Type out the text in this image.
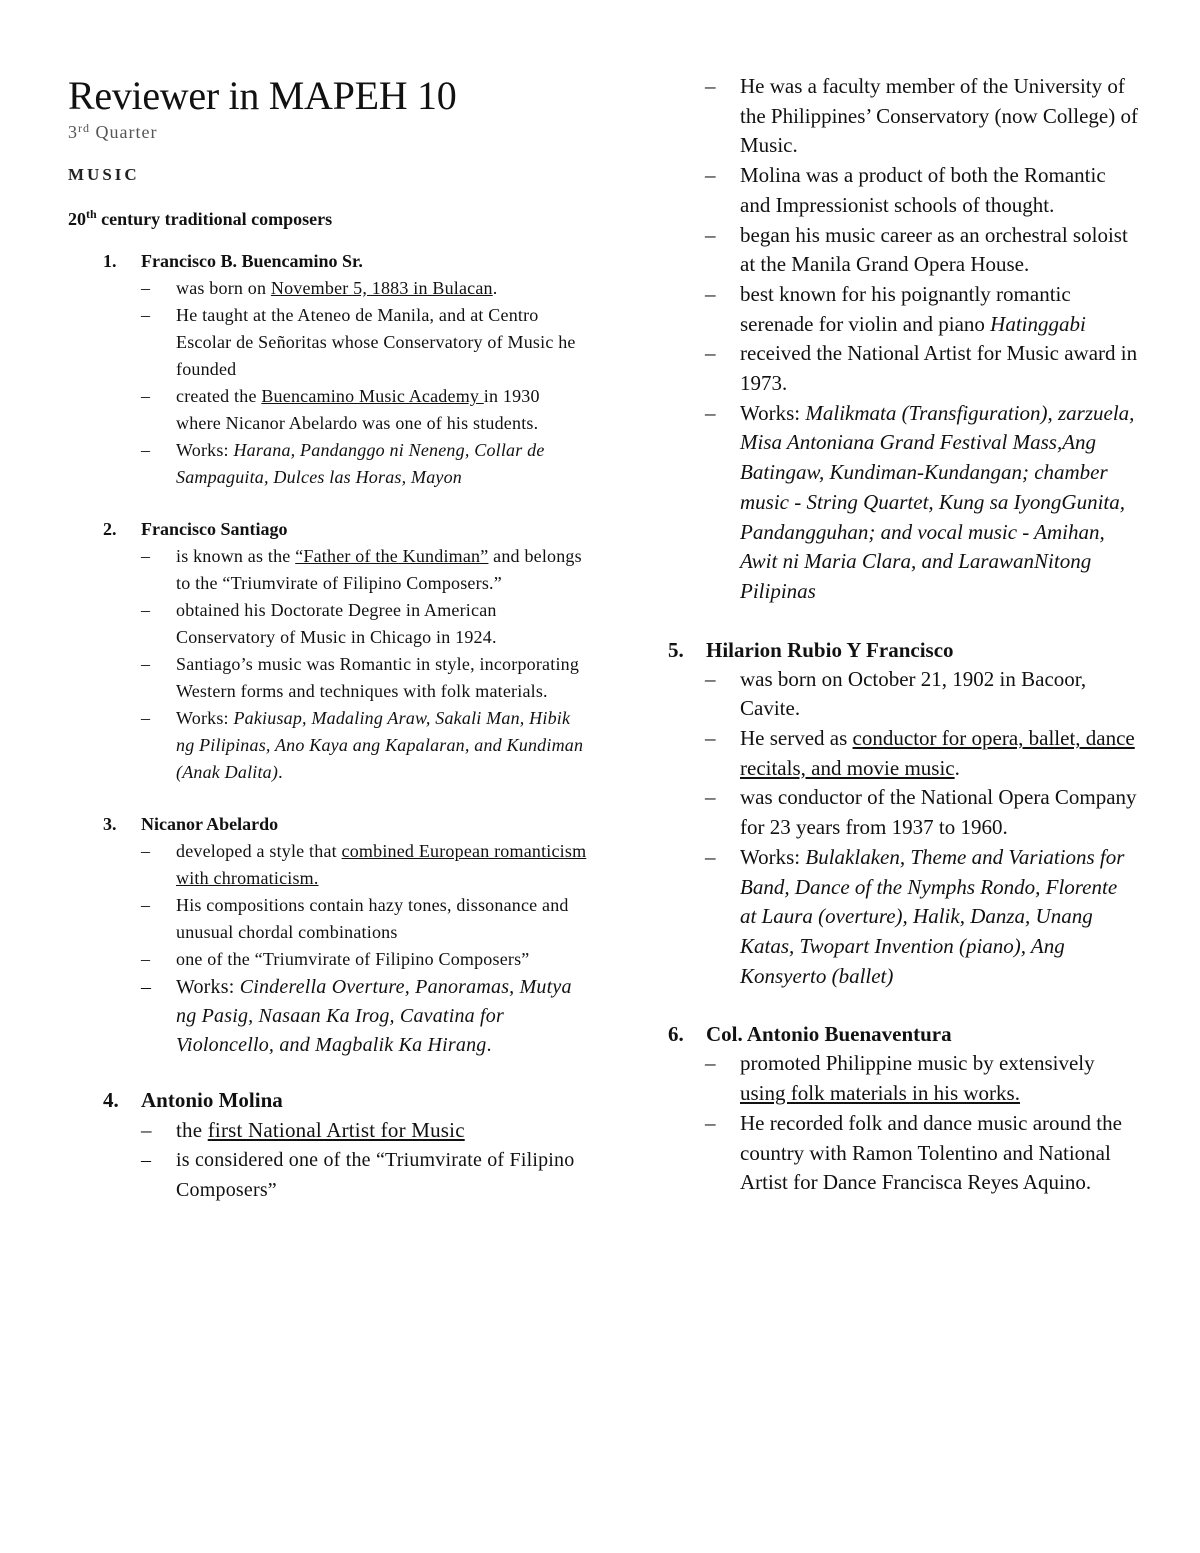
Reviewer in MAPEH 10
3rd Quarter
MUSIC
20th century traditional composers
1.	Francisco B. Buencamino Sr.
–	was born on November 5, 1883 in Bulacan.
–	He taught at the Ateneo de Manila, and at Centro Escolar de Señoritas whose Conservatory of Music he founded
–	created the Buencamino Music Academy in 1930 where Nicanor Abelardo was one of his students.
–	Works: Harana, Pandanggo ni Neneng, Collar de Sampaguita, Dulces las Horas, Mayon
2.	Francisco Santiago
–	is known as the “Father of the Kundiman” and belongs to the “Triumvirate of Filipino Composers.”
–	obtained his Doctorate Degree in American Conservatory of Music in Chicago in 1924.
–	Santiago’s music was Romantic in style, incorporating Western forms and techniques with folk materials.
–	Works: Pakiusap, Madaling Araw, Sakali Man, Hibik ng Pilipinas, Ano Kaya ang Kapalaran, and Kundiman (Anak Dalita).
3.	Nicanor Abelardo
–	developed a style that combined European romanticism with chromaticism.
–	His compositions contain hazy tones, dissonance and unusual chordal combinations
–	one of the “Triumvirate of Filipino Composers”
–	Works: Cinderella Overture, Panoramas, Mutya ng Pasig, Nasaan Ka Irog, Cavatina for Violoncello, and Magbalik Ka Hirang.
4.	Antonio Molina
–	the first National Artist for Music
–	is considered one of the “Triumvirate of Filipino Composers”
–	He was a faculty member of the University of the Philippines’ Conservatory (now College) of Music.
–	Molina was a product of both the Romantic and Impressionist schools of thought.
–	began his music career as an orchestral soloist at the Manila Grand Opera House.
–	best known for his poignantly romantic serenade for violin and piano Hatinggabi
–	received the National Artist for Music award in 1973.
–	Works: Malikmata (Transfiguration), zarzuela, Misa Antoniana Grand Festival Mass,Ang Batingaw, Kundiman-Kundangan; chamber music - String Quartet, Kung sa IyongGunita, Pandangguhan; and vocal music - Amihan, Awit ni Maria Clara, and LarawanNitong Pilipinas
5.	Hilarion Rubio Y Francisco
–	was born on October 21, 1902 in Bacoor, Cavite.
–	He served as conductor for opera, ballet, dance recitals, and movie music.
–	was conductor of the National Opera Company for 23 years from 1937 to 1960.
–	Works: Bulaklaken, Theme and Variations for Band, Dance of the Nymphs Rondo, Florente at Laura (overture), Halik, Danza, Unang Katas, Twopart Invention (piano), Ang Konsyerto (ballet)
6.	Col. Antonio Buenaventura
–	promoted Philippine music by extensively using folk materials in his works.
–	He recorded folk and dance music around the country with Ramon Tolentino and National Artist for Dance Francisca Reyes Aquino.
